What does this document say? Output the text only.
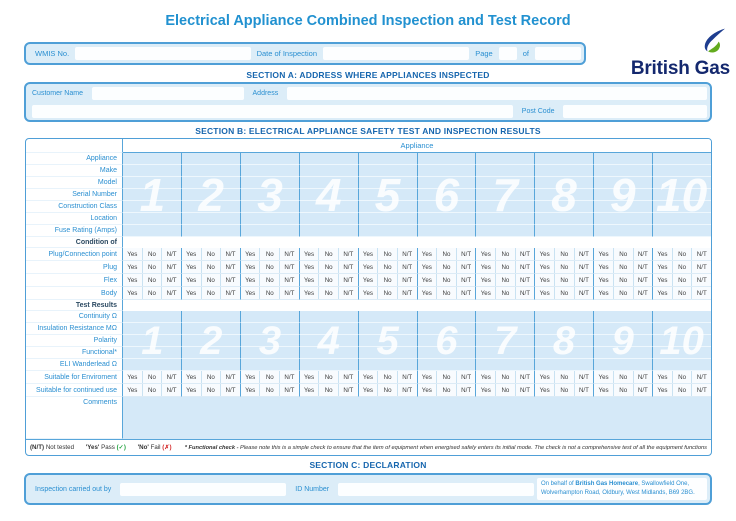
Electrical Appliance Combined Inspection and Test Record
WMIS No.	Date of Inspection	Page	of
British Gas
SECTION A: ADDRESS WHERE APPLIANCES INSPECTED
Customer Name	Address
Post Code
SECTION B: ELECTRICAL APPLIANCE SAFETY TEST AND INSPECTION RESULTS
Appliance
Appliance
Make
Model
Serial Number
Construction Class
Location
Fuse Rating (Amps)
Condition of
Plug/Connection point	Yes	No	N/T	Yes	No	N/T	Yes	No	N/T	Yes	No	N/T	Yes	No	N/T	Yes	No	N/T	Yes	No	N/T	Yes	No	N/T	Yes	No	N/T	Yes	No	N/T
Plug	Yes	No	N/T	Yes	No	N/T	Yes	No	N/T	Yes	No	N/T	Yes	No	N/T	Yes	No	N/T	Yes	No	N/T	Yes	No	N/T	Yes	No	N/T	Yes	No	N/T
Flex	Yes	No	N/T	Yes	No	N/T	Yes	No	N/T	Yes	No	N/T	Yes	No	N/T	Yes	No	N/T	Yes	No	N/T	Yes	No	N/T	Yes	No	N/T	Yes	No	N/T
Body	Yes	No	N/T	Yes	No	N/T	Yes	No	N/T	Yes	No	N/T	Yes	No	N/T	Yes	No	N/T	Yes	No	N/T	Yes	No	N/T	Yes	No	N/T	Yes	No	N/T
Test Results
Continuity Ω
Insulation Resistance MΩ
Polarity
Functional*
ELI Wanderlead Ω
Suitable for Enviroment	Yes	No	N/T	Yes	No	N/T	Yes	No	N/T	Yes	No	N/T	Yes	No	N/T	Yes	No	N/T	Yes	No	N/T	Yes	No	N/T	Yes	No	N/T	Yes	No	N/T
Suitable for continued use	Yes	No	N/T	Yes	No	N/T	Yes	No	N/T	Yes	No	N/T	Yes	No	N/T	Yes	No	N/T	Yes	No	N/T	Yes	No	N/T	Yes	No	N/T	Yes	No	N/T
Comments
1 2 3 4 5 6 7 8 9 10
1 2 3 4 5 6 7 8 9 10
(N/T) Not tested 'Yes' Pass (✓) 'No' Fail (✗)	* Functional check - Please note this is a simple check to ensure that the item of equipment when energised safely enters its initial mode. The check is not a comprehensive test of all the equipment functions
SECTION C: DECLARATION
Inspection carried out by	ID Number
On behalf of British Gas Homecare, Swallowfield One, Wolverhampton Road, Oldbury, West Midlands, B69 2BG.
